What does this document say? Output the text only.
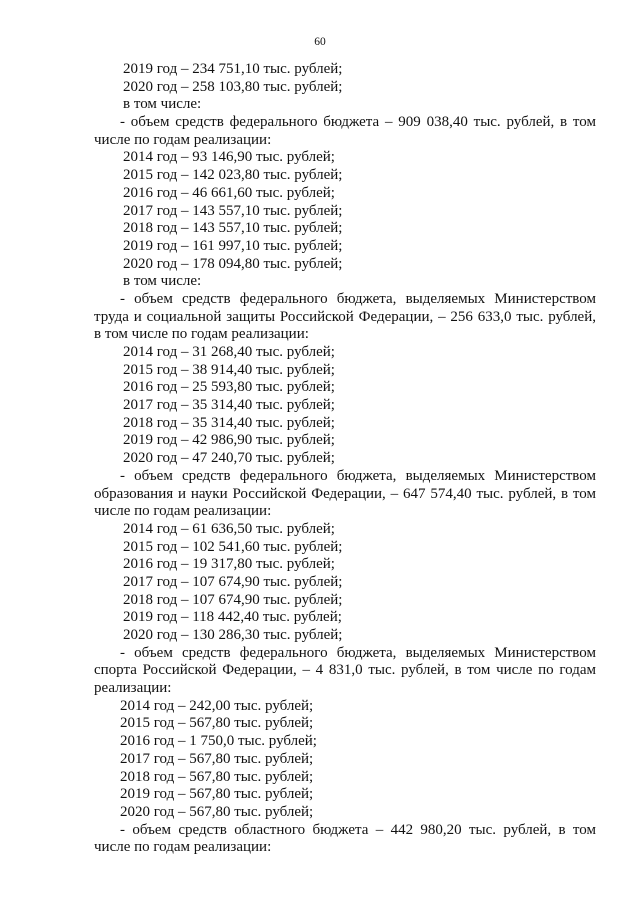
60
2019 год – 234 751,10 тыс. рублей;
2020 год – 258 103,80 тыс. рублей;
в том числе:
- объем средств федерального бюджета – 909 038,40 тыс. рублей, в том
числе по годам реализации:
2014 год – 93 146,90 тыс. рублей;
2015 год – 142 023,80 тыс. рублей;
2016 год – 46 661,60 тыс. рублей;
2017 год – 143 557,10 тыс. рублей;
2018 год – 143 557,10 тыс. рублей;
2019 год – 161 997,10 тыс. рублей;
2020 год – 178 094,80 тыс. рублей;
в том числе:
- объем средств федерального бюджета, выделяемых Министерством
труда и социальной защиты Российской Федерации, – 256 633,0 тыс. рублей,
в том числе по годам реализации:
2014 год – 31 268,40 тыс. рублей;
2015 год – 38 914,40 тыс. рублей;
2016 год – 25 593,80 тыс. рублей;
2017 год – 35 314,40 тыс. рублей;
2018 год – 35 314,40 тыс. рублей;
2019 год – 42 986,90 тыс. рублей;
2020 год – 47 240,70 тыс. рублей;
- объем средств федерального бюджета, выделяемых Министерством
образования и науки Российской Федерации, – 647 574,40 тыс. рублей, в том
числе по годам реализации:
2014 год – 61 636,50 тыс. рублей;
2015 год – 102 541,60 тыс. рублей;
2016 год – 19 317,80 тыс. рублей;
2017 год – 107 674,90 тыс. рублей;
2018 год – 107 674,90 тыс. рублей;
2019 год – 118 442,40 тыс. рублей;
2020 год – 130 286,30 тыс. рублей;
- объем средств федерального бюджета, выделяемых Министерством
спорта Российской Федерации, – 4 831,0 тыс. рублей, в том числе по годам
реализации:
2014 год – 242,00 тыс. рублей;
2015 год – 567,80 тыс. рублей;
2016 год – 1 750,0 тыс. рублей;
2017 год – 567,80 тыс. рублей;
2018 год – 567,80 тыс. рублей;
2019 год – 567,80 тыс. рублей;
2020 год – 567,80 тыс. рублей;
- объем средств областного бюджета – 442 980,20 тыс. рублей, в том
числе по годам реализации:
